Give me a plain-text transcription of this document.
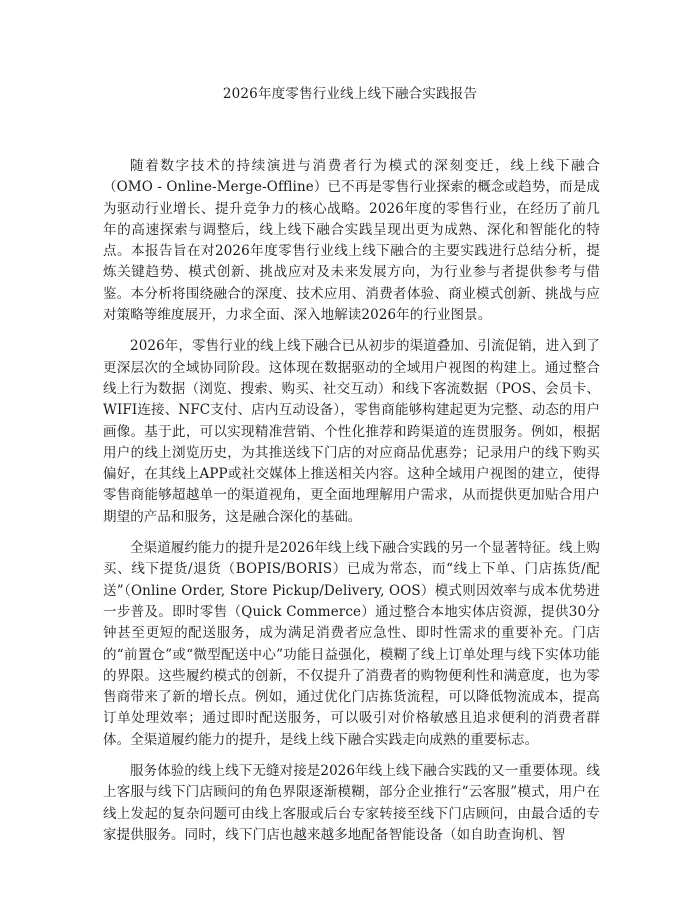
2026年度零售行业线上线下融合实践报告

随着数字技术的持续演进与消费者行为模式的深刻变迁，线上线下融合（OMO - Online-Merge-Offline）已不再是零售行业探索的概念或趋势，而是成为驱动行业增长、提升竞争力的核心战略。2026年度的零售行业，在经历了前几年的高速探索与调整后，线上线下融合实践呈现出更为成熟、深化和智能化的特点。本报告旨在对2026年度零售行业线上线下融合的主要实践进行总结分析，提炼关键趋势、模式创新、挑战应对及未来发展方向，为行业参与者提供参考与借鉴。本分析将围绕融合的深度、技术应用、消费者体验、商业模式创新、挑战与应对策略等维度展开，力求全面、深入地解读2026年的行业图景。

2026年，零售行业的线上线下融合已从初步的渠道叠加、引流促销，进入到了更深层次的全域协同阶段。这体现在数据驱动的全域用户视图的构建上。通过整合线上行为数据（浏览、搜索、购买、社交互动）和线下客流数据（POS、会员卡、WIFI连接、NFC支付、店内互动设备），零售商能够构建起更为完整、动态的用户画像。基于此，可以实现精准营销、个性化推荐和跨渠道的连贯服务。例如，根据用户的线上浏览历史，为其推送线下门店的对应商品优惠券；记录用户的线下购买偏好，在其线上APP或社交媒体上推送相关内容。这种全域用户视图的建立，使得零售商能够超越单一的渠道视角，更全面地理解用户需求，从而提供更加贴合用户期望的产品和服务，这是融合深化的基础。

全渠道履约能力的提升是2026年线上线下融合实践的另一个显著特征。线上购买、线下提货/退货（BOPIS/BORIS）已成为常态，而“线上下单、门店拣货/配送”（Online Order, Store Pickup/Delivery, OOS）模式则因效率与成本优势进一步普及。即时零售（Quick Commerce）通过整合本地实体店资源，提供30分钟甚至更短的配送服务，成为满足消费者应急性、即时性需求的重要补充。门店的“前置仓”或“微型配送中心”功能日益强化，模糊了线上订单处理与线下实体功能的界限。这些履约模式的创新，不仅提升了消费者的购物便利性和满意度，也为零售商带来了新的增长点。例如，通过优化门店拣货流程，可以降低物流成本，提高订单处理效率；通过即时配送服务，可以吸引对价格敏感且追求便利的消费者群体。全渠道履约能力的提升，是线上线下融合实践走向成熟的重要标志。

服务体验的线上线下无缝对接是2026年线上线下融合实践的又一重要体现。线上客服与线下门店顾问的角色界限逐渐模糊，部分企业推行“云客服”模式，用户在线上发起的复杂问题可由线上客服或后台专家转接至线下门店顾问，由最合适的专家提供服务。同时，线下门店也越来越多地配备智能设备（如自助查询机、智
